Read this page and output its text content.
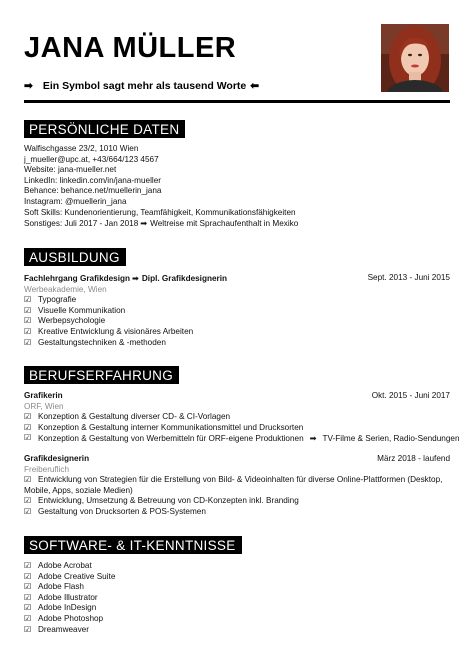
JANA MÜLLER
➡ Ein Symbol sagt mehr als tausend Worte ⬅
PERSÖNLICHE DATEN
Walfischgasse 23/2, 1010 Wien
j_mueller@upc.at, +43/664/123 4567
Website: jana-mueller.net
LinkedIn: linkedin.com/in/jana-mueller
Behance: behance.net/muellerin_jana
Instagram: @muellerin_jana
Soft Skills: Kundenorientierung, Teamfähigkeit, Kommunikationsfähigkeiten
Sonstiges: Juli 2017 - Jan 2018 ➡ Weltreise mit Sprachaufenthalt in Mexiko
AUSBILDUNG
Fachlehrgang Grafikdesign ➡ Dipl. Grafikdesignerin	Sept. 2013 - Juni 2015
Werbeakademie, Wien
☑ Typografie
☑ Visuelle Kommunikation
☑ Werbepsychologie
☑ Kreative Entwicklung & visionäres Arbeiten
☑ Gestaltungstechniken & -methoden
BERUFSERFAHRUNG
Grafikerin	Okt. 2015 - Juni 2017
ORF, Wien
☑ Konzeption & Gestaltung diverser CD- & CI-Vorlagen
☑ Konzeption & Gestaltung interner Kommunikationsmittel und Drucksorten
☑ Konzeption & Gestaltung von Werbemitteln für ORF-eigene Produktionen ➡ TV-Filme & Serien, Radio-Sendungen
Grafikdesignerin	März 2018 - laufend
Freiberuflich
☑ Entwicklung von Strategien für die Erstellung von Bild- & Videoinhalten für diverse Online-Plattformen (Desktop,
Mobile, Apps, soziale Medien)
☑ Entwicklung, Umsetzung & Betreuung von CD-Konzepten inkl. Branding
☑ Gestaltung von Drucksorten & POS-Systemen
SOFTWARE- & IT-KENNTNISSE
☑ Adobe Acrobat
☑ Adobe Creative Suite
☑ Adobe Flash
☑ Adobe Illustrator
☑ Adobe InDesign
☑ Adobe Photoshop
☑ Dreamweaver
